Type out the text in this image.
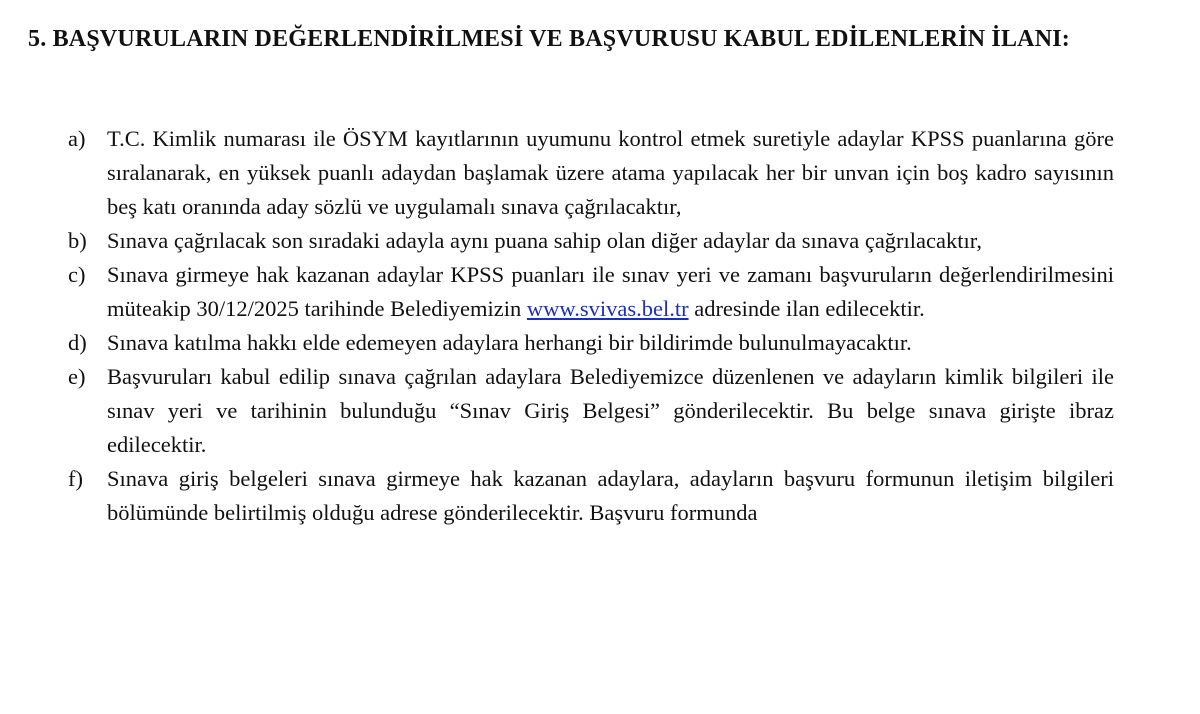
5. BAŞVURULARIN DEĞERLENDİRİLMESİ VE BAŞVURUSU KABUL EDİLENLERİN İLANI:
a) T.C. Kimlik numarası ile ÖSYM kayıtlarının uyumunu kontrol etmek suretiyle adaylar KPSS puanlarına göre sıralanarak, en yüksek puanlı adaydan başlamak üzere atama yapılacak her bir unvan için boş kadro sayısının beş katı oranında aday sözlü ve uygulamalı sınava çağrılacaktır,
b) Sınava çağrılacak son sıradaki adayla aynı puana sahip olan diğer adaylar da sınava çağrılacaktır,
c) Sınava girmeye hak kazanan adaylar KPSS puanları ile sınav yeri ve zamanı başvuruların değerlendirilmesini müteakip 30/12/2025 tarihinde Belediyemizin www.svivas.bel.tr adresinde ilan edilecektir.
d) Sınava katılma hakkı elde edemeyen adaylara herhangi bir bildirimde bulunulmayacaktır.
e) Başvuruları kabul edilip sınava çağrılan adaylara Belediyemizce düzenlenen ve adayların kimlik bilgileri ile sınav yeri ve tarihinin bulunduğu “Sınav Giriş Belgesi” gönderilecektir. Bu belge sınava girişte ibraz edilecektir.
f)	Sınava giriş belgeleri sınava girmeye hak kazanan adaylara, adayların başvuru formunun iletişim bilgileri bölümünde belirtilmiş olduğu adrese gönderilecektir. Başvuru formunda
